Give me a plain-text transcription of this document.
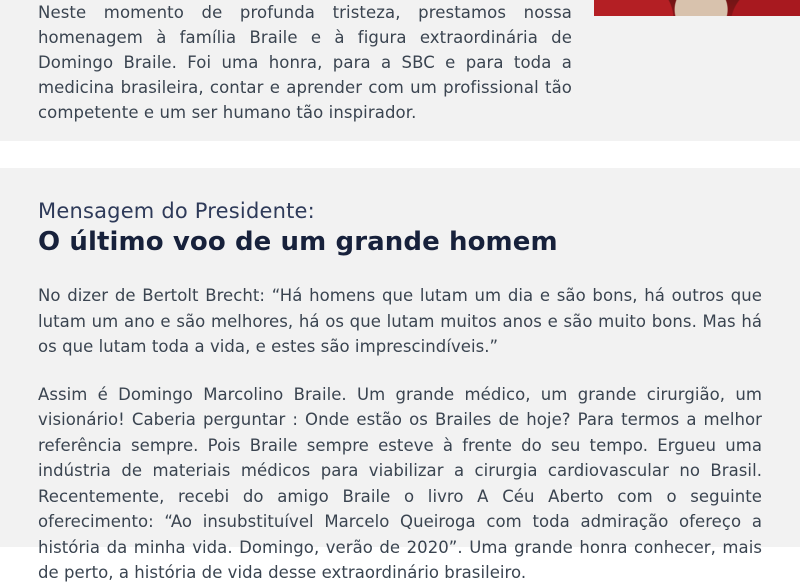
Neste momento de profunda tristeza, prestamos nossa homenagem à família Braile e à figura extraordinária de Domingo Braile. Foi uma honra, para a SBC e para toda a medicina brasileira, contar e aprender com um profissional tão competente e um ser humano tão inspirador.

Mensagem do Presidente:
O último voo de um grande homem

No dizer de Bertolt Brecht: “Há homens que lutam um dia e são bons, há outros que lutam um ano e são melhores, há os que lutam muitos anos e são muito bons. Mas há os que lutam toda a vida, e estes são imprescindíveis.”

Assim é Domingo Marcolino Braile. Um grande médico, um grande cirurgião, um visionário! Caberia perguntar : Onde estão os Brailes de hoje? Para termos a melhor referência sempre. Pois Braile sempre esteve à frente do seu tempo. Ergueu uma indústria de materiais médicos para viabilizar a cirurgia cardiovascular no Brasil. Recentemente, recebi do amigo Braile o livro A Céu Aberto com o seguinte oferecimento: “Ao insubstituível Marcelo Queiroga com toda admiração ofereço a história da minha vida. Domingo, verão de 2020”. Uma grande honra conhecer, mais de perto, a história de vida desse extraordinário brasileiro.
